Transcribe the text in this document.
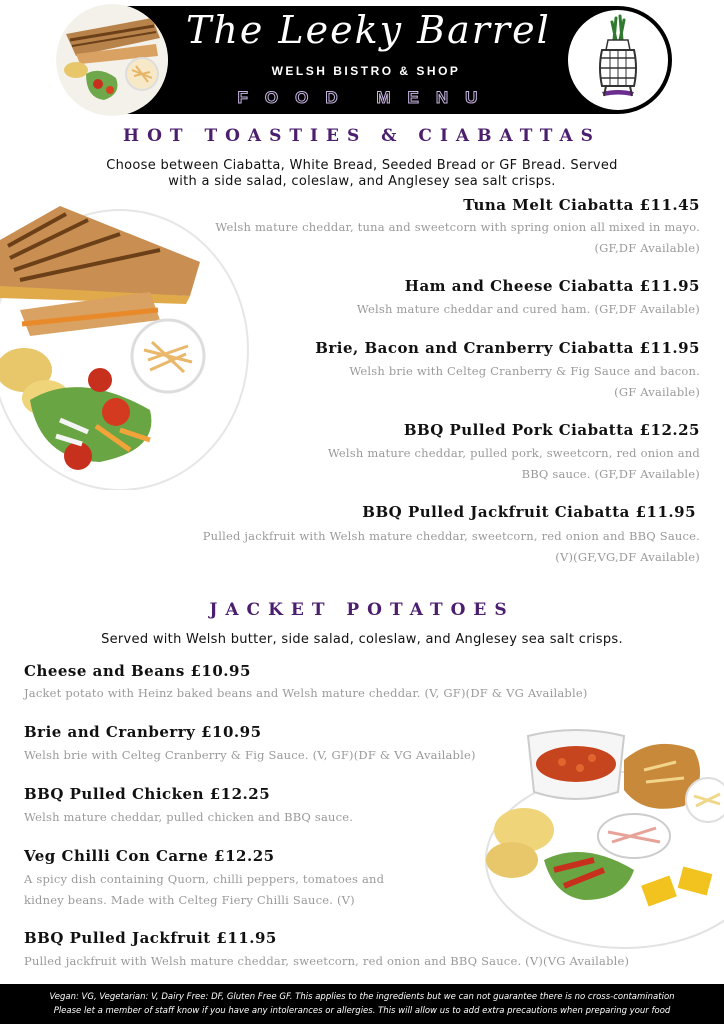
The Leeky Barrel
WELSH BISTRO & SHOP
FOOD MENU
HOT TOASTIES & CIABATTAS
Choose between Ciabatta, White Bread, Seeded Bread or GF Bread. Served
with a side salad, coleslaw, and Anglesey sea salt crisps.
Tuna Melt Ciabatta £11.45
Welsh mature cheddar, tuna and sweetcorn with spring onion all mixed in mayo.
(GF,DF Available)
Ham and Cheese Ciabatta £11.95
Welsh mature cheddar and cured ham. (GF,DF Available)
Brie, Bacon and Cranberry Ciabatta £11.95
Welsh brie with Celteg Cranberry & Fig Sauce and bacon.
(GF Available)
BBQ Pulled Pork Ciabatta £12.25
Welsh mature cheddar, pulled pork, sweetcorn, red onion and
BBQ sauce. (GF,DF Available)
BBQ Pulled Jackfruit Ciabatta £11.95
Pulled jackfruit with Welsh mature cheddar, sweetcorn, red onion and BBQ Sauce.
(V)(GF,VG,DF Available)
JACKET POTATOES
Served with Welsh butter, side salad, coleslaw, and Anglesey sea salt crisps.
Cheese and Beans £10.95
Jacket potato with Heinz baked beans and Welsh mature cheddar. (V, GF)(DF & VG Available)
Brie and Cranberry £10.95
Welsh brie with Celteg Cranberry & Fig Sauce. (V, GF)(DF & VG Available)
BBQ Pulled Chicken £12.25
Welsh mature cheddar, pulled chicken and BBQ sauce.
Veg Chilli Con Carne £12.25
A spicy dish containing Quorn, chilli peppers, tomatoes and
kidney beans. Made with Celteg Fiery Chilli Sauce. (V)
BBQ Pulled Jackfruit £11.95
Pulled jackfruit with Welsh mature cheddar, sweetcorn, red onion and BBQ Sauce. (V)(VG Available)
Vegan: VG, Vegetarian: V, Dairy Free: DF, Gluten Free GF. This applies to the ingredients but we can not guarantee there is no cross-contamination
Please let a member of staff know if you have any intolerances or allergies. This will allow us to add extra precautions when preparing your food
